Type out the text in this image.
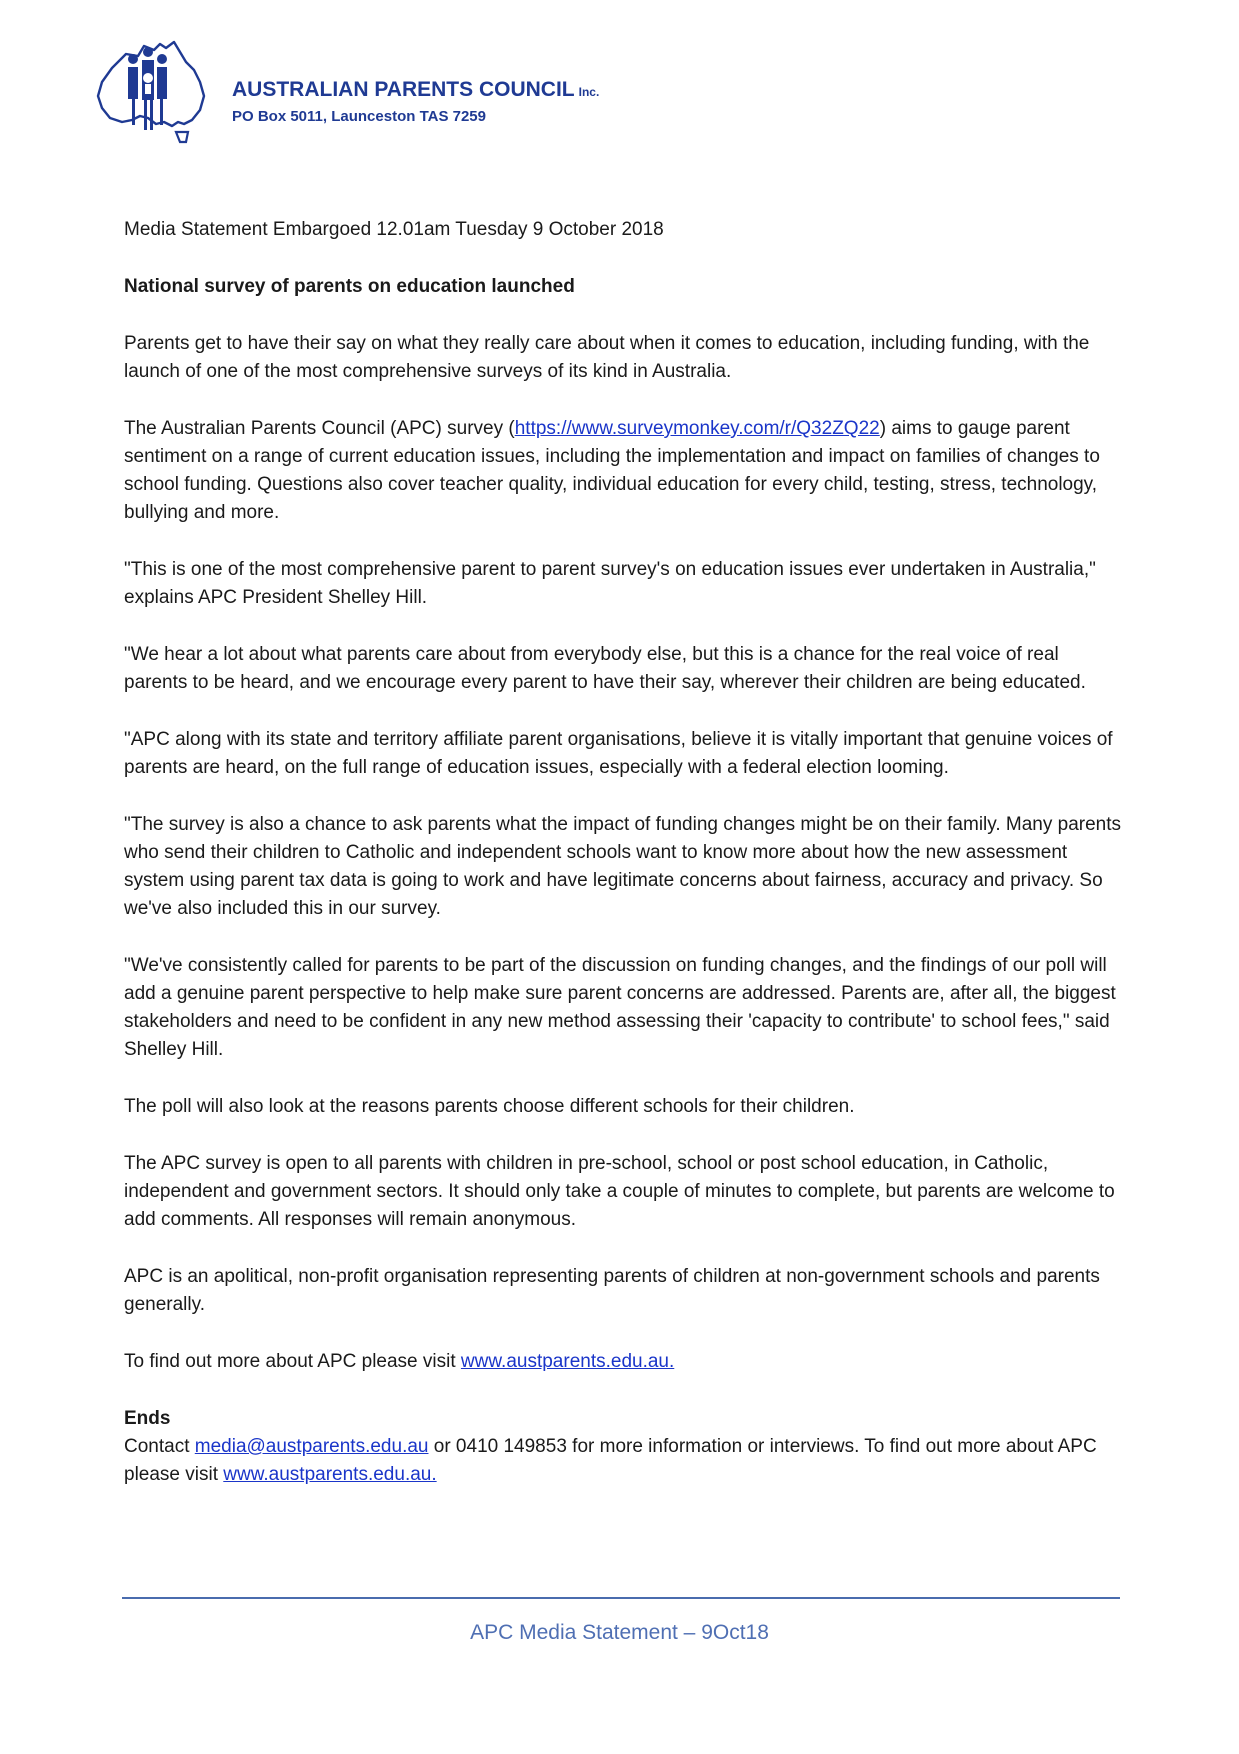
AUSTRALIAN PARENTS COUNCIL Inc.
PO Box 5011, Launceston TAS 7259

Media Statement Embargoed 12.01am Tuesday 9 October 2018

National survey of parents on education launched

Parents get to have their say on what they really care about when it comes to education, including funding, with the launch of one of the most comprehensive surveys of its kind in Australia.

The Australian Parents Council (APC) survey (https://www.surveymonkey.com/r/Q32ZQ22) aims to gauge parent sentiment on a range of current education issues, including the implementation and impact on families of changes to school funding. Questions also cover teacher quality, individual education for every child, testing, stress, technology, bullying and more.

"This is one of the most comprehensive parent to parent survey's on education issues ever undertaken in Australia," explains APC President Shelley Hill.

"We hear a lot about what parents care about from everybody else, but this is a chance for the real voice of real parents to be heard, and we encourage every parent to have their say, wherever their children are being educated.

"APC along with its state and territory affiliate parent organisations, believe it is vitally important that genuine voices of parents are heard, on the full range of education issues, especially with a federal election looming.

"The survey is also a chance to ask parents what the impact of funding changes might be on their family. Many parents who send their children to Catholic and independent schools want to know more about how the new assessment system using parent tax data is going to work and have legitimate concerns about fairness, accuracy and privacy. So we've also included this in our survey.

"We've consistently called for parents to be part of the discussion on funding changes, and the findings of our poll will add a genuine parent perspective to help make sure parent concerns are addressed. Parents are, after all, the biggest stakeholders and need to be confident in any new method assessing their 'capacity to contribute' to school fees," said Shelley Hill.

The poll will also look at the reasons parents choose different schools for their children.

The APC survey is open to all parents with children in pre-school, school or post school education, in Catholic, independent and government sectors. It should only take a couple of minutes to complete, but parents are welcome to add comments. All responses will remain anonymous.

APC is an apolitical, non-profit organisation representing parents of children at non-government schools and parents generally.

To find out more about APC please visit www.austparents.edu.au.

Ends
Contact media@austparents.edu.au or 0410 149853 for more information or interviews. To find out more about APC please visit www.austparents.edu.au.

APC Media Statement – 9Oct18
